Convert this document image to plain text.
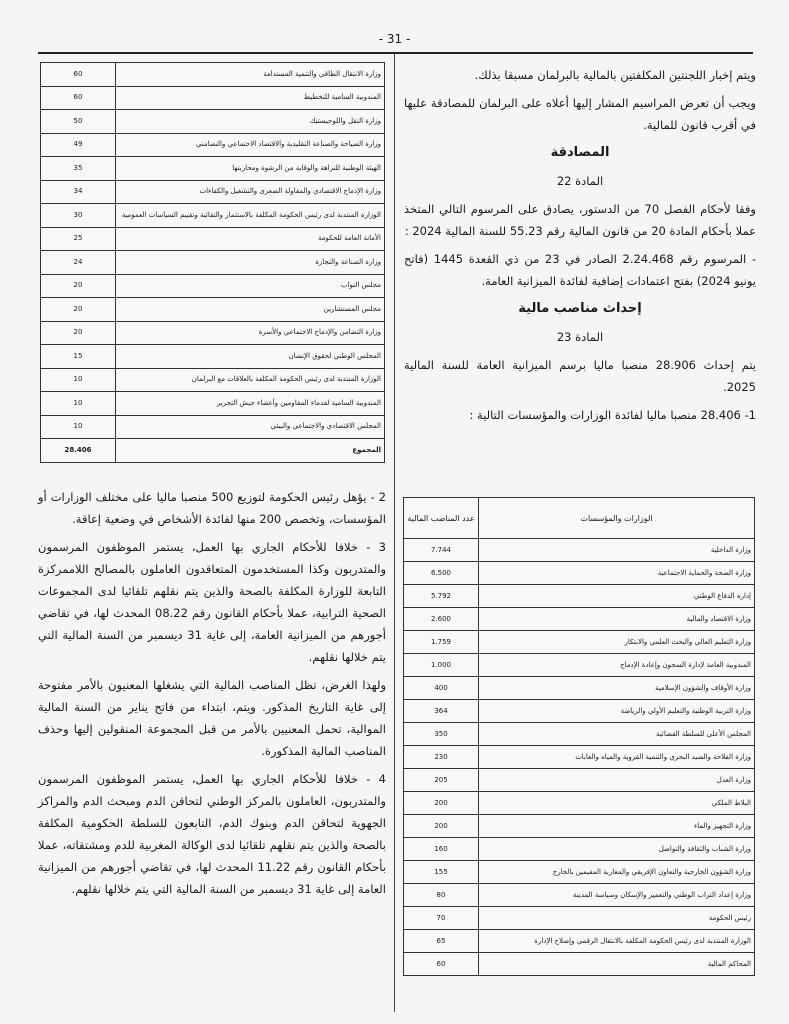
- 31 -
وزارة الانتقال الطاقي والتنمية المستدامة	60
المندوبية السامية للتخطيط	60
وزارة النقل واللوجيستيك	50
وزارة السياحة والصناعة التقليدية والاقتصاد الاجتماعي والتضامني	49
الهيئة الوطنية للنزاهة والوقاية من الرشوة ومحاربتها	35
وزارة الإدماج الاقتصادي والمقاولة الصغرى والتشغيل والكفاءات	34
الوزارة المنتدبة لدى رئيس الحكومة المكلفة بالاستثمار والتقائية وتقييم السياسات العمومية	30
الأمانة العامة للحكومة	25
وزارة الصناعة والتجارة	24
مجلس النواب	20
مجلس المستشارين	20
وزارة التضامن والإدماج الاجتماعي والأسرة	20
المجلس الوطني لحقوق الإنسان	15
الوزارة المنتدبة لدى رئيس الحكومة المكلفة بالعلاقات مع البرلمان	10
المندوبية السامية لقدماء المقاومين وأعضاء جيش التحرير	10
المجلس الاقتصادي والاجتماعي والبيئي	10
المجموع	28.406

2 - يؤهل رئيس الحكومة لتوزيع 500 منصبا ماليا على مختلف الوزارات أو المؤسسات، وتخصص 200 منها لفائدة الأشخاص في وضعية إعاقة.

3 - خلافا للأحكام الجاري بها العمل، يستمر الموظفون المرسمون والمتدربون وكذا المستخدمون المتعاقدون العاملون بالمصالح اللاممركزة التابعة للوزارة المكلفة بالصحة والذين يتم نقلهم تلقائيا لدى المجموعات الصحية الترابية، عملا بأحكام القانون رقم 08.22 المحدث لها، في تقاضي أجورهم من الميزانية العامة، إلى غاية 31 ديسمبر من السنة المالية التي يتم خلالها نقلهم.

ولهذا الغرض، تظل المناصب المالية التي يشغلها المعنيون بالأمر مفتوحة إلى غاية التاريخ المذكور. ويتم، ابتداء من فاتح يناير من السنة المالية الموالية، تحمل المعنيين بالأمر من قبل المجموعة المنقولين إليها وحذف المناصب المالية المذكورة.

4 - خلافا للأحكام الجاري بها العمل، يستمر الموظفون المرسمون والمتدربون، العاملون بالمركز الوطني لتحاقن الدم ومبحث الدم والمراكز الجهوية لتحاقن الدم وبنوك الدم، التابعون للسلطة الحكومية المكلفة بالصحة والذين يتم نقلهم تلقائيا لدى الوكالة المغربية للدم ومشتقاته، عملا بأحكام القانون رقم 11.22 المحدث لها، في تقاضي أجورهم من الميزانية العامة إلى غاية 31 ديسمبر من السنة المالية التي يتم خلالها نقلهم.

ويتم إخبار اللجنتين المكلفتين بالمالية بالبرلمان مسبقا بذلك.

ويجب أن تعرض المراسيم المشار إليها أعلاه على البرلمان للمصادقة عليها في أقرب قانون للمالية.

المصادقة
المادة 22

وفقا لأحكام الفصل 70 من الدستور، يصادق على المرسوم التالي المتخذ عملا بأحكام المادة 20 من قانون المالية رقم 55.23 للسنة المالية 2024 :

- المرسوم رقم 2.24.468 الصادر في 23 من ذي القعدة 1445 (فاتح يونيو 2024) بفتح اعتمادات إضافية لفائدة الميزانية العامة.

إحداث مناصب مالية
المادة 23

يتم إحداث 28.906 منصبا ماليا برسم الميزانية العامة للسنة المالية 2025.

1- 28.406 منصبا ماليا لفائدة الوزارات والمؤسسات التالية :

الوزارات والمؤسسات	عدد المناصب المالية
وزارة الداخلية	7.744
وزارة الصحة والحماية الاجتماعية	6.500
إدارة الدفاع الوطني	5.792
وزارة الاقتصاد والمالية	2.600
وزارة التعليم العالي والبحث العلمي والابتكار	1.759
المندوبية العامة لإدارة السجون وإعادة الإدماج	1.000
وزارة الأوقاف والشؤون الإسلامية	400
وزارة التربية الوطنية والتعليم الأولي والرياضة	364
المجلس الأعلى للسلطة القضائية	350
وزارة الفلاحة والصيد البحري والتنمية القروية والمياه والغابات	230
وزارة العدل	205
البلاط الملكي	200
وزارة التجهيز والماء	200
وزارة الشباب والثقافة والتواصل	160
وزارة الشؤون الخارجية والتعاون الإفريقي والمغاربة المقيمين بالخارج	155
وزارة إعداد التراب الوطني والتعمير والإسكان وسياسة المدينة	80
رئيس الحكومة	70
الوزارة المنتدبة لدى رئيس الحكومة المكلفة بالانتقال الرقمي وإصلاح الإدارة	65
المحاكم المالية	60
